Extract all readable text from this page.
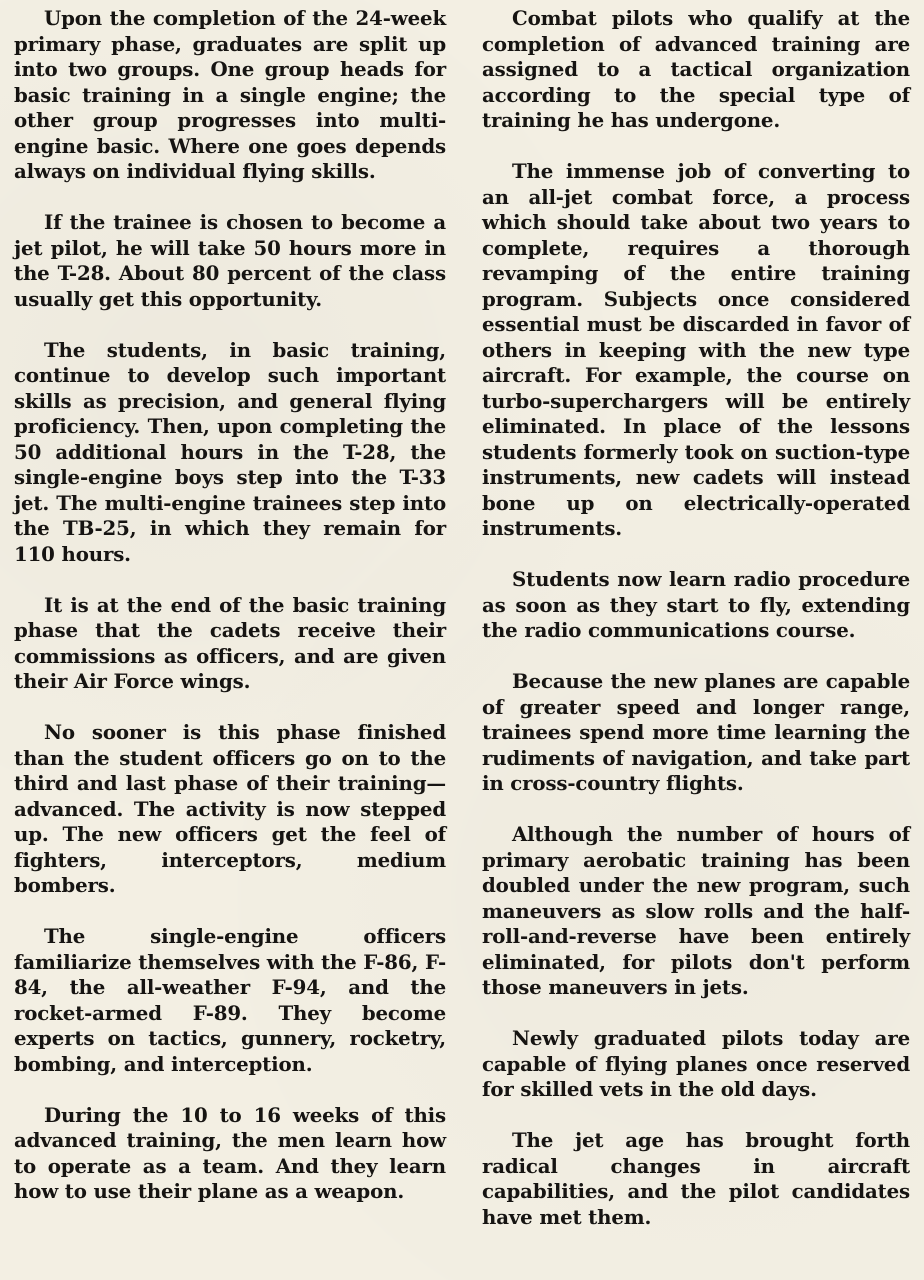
Upon the completion of the 24-week primary phase, graduates are split up into two groups. One group heads for basic training in a single engine; the other group progresses into multi-engine basic. Where one goes depends always on individual flying skills.

If the trainee is chosen to become a jet pilot, he will take 50 hours more in the T-28. About 80 percent of the class usually get this opportunity.

The students, in basic training, continue to develop such important skills as precision, and general flying proficiency. Then, upon completing the 50 additional hours in the T-28, the single-engine boys step into the T-33 jet. The multi-engine trainees step into the TB-25, in which they remain for 110 hours.

It is at the end of the basic training phase that the cadets receive their commissions as officers, and are given their Air Force wings.

No sooner is this phase finished than the student officers go on to the third and last phase of their training—advanced. The activity is now stepped up. The new officers get the feel of fighters, interceptors, medium bombers.

The single-engine officers familiarize themselves with the F-86, F-84, the all-weather F-94, and the rocket-armed F-89. They become experts on tactics, gunnery, rocketry, bombing, and interception.

During the 10 to 16 weeks of this advanced training, the men learn how to operate as a team. And they learn how to use their plane as a weapon.

Combat pilots who qualify at the completion of advanced training are assigned to a tactical organization according to the special type of training he has undergone.

The immense job of converting to an all-jet combat force, a process which should take about two years to complete, requires a thorough revamping of the entire training program. Subjects once considered essential must be discarded in favor of others in keeping with the new type aircraft. For example, the course on turbo-superchargers will be entirely eliminated. In place of the lessons students formerly took on suction-type instruments, new cadets will instead bone up on electrically-operated instruments.

Students now learn radio procedure as soon as they start to fly, extending the radio communications course.

Because the new planes are capable of greater speed and longer range, trainees spend more time learning the rudiments of navigation, and take part in cross-country flights.

Although the number of hours of primary aerobatic training has been doubled under the new program, such maneuvers as slow rolls and the half-roll-and-reverse have been entirely eliminated, for pilots don't perform those maneuvers in jets.

Newly graduated pilots today are capable of flying planes once reserved for skilled vets in the old days.

The jet age has brought forth radical changes in aircraft capabilities, and the pilot candidates have met them.
